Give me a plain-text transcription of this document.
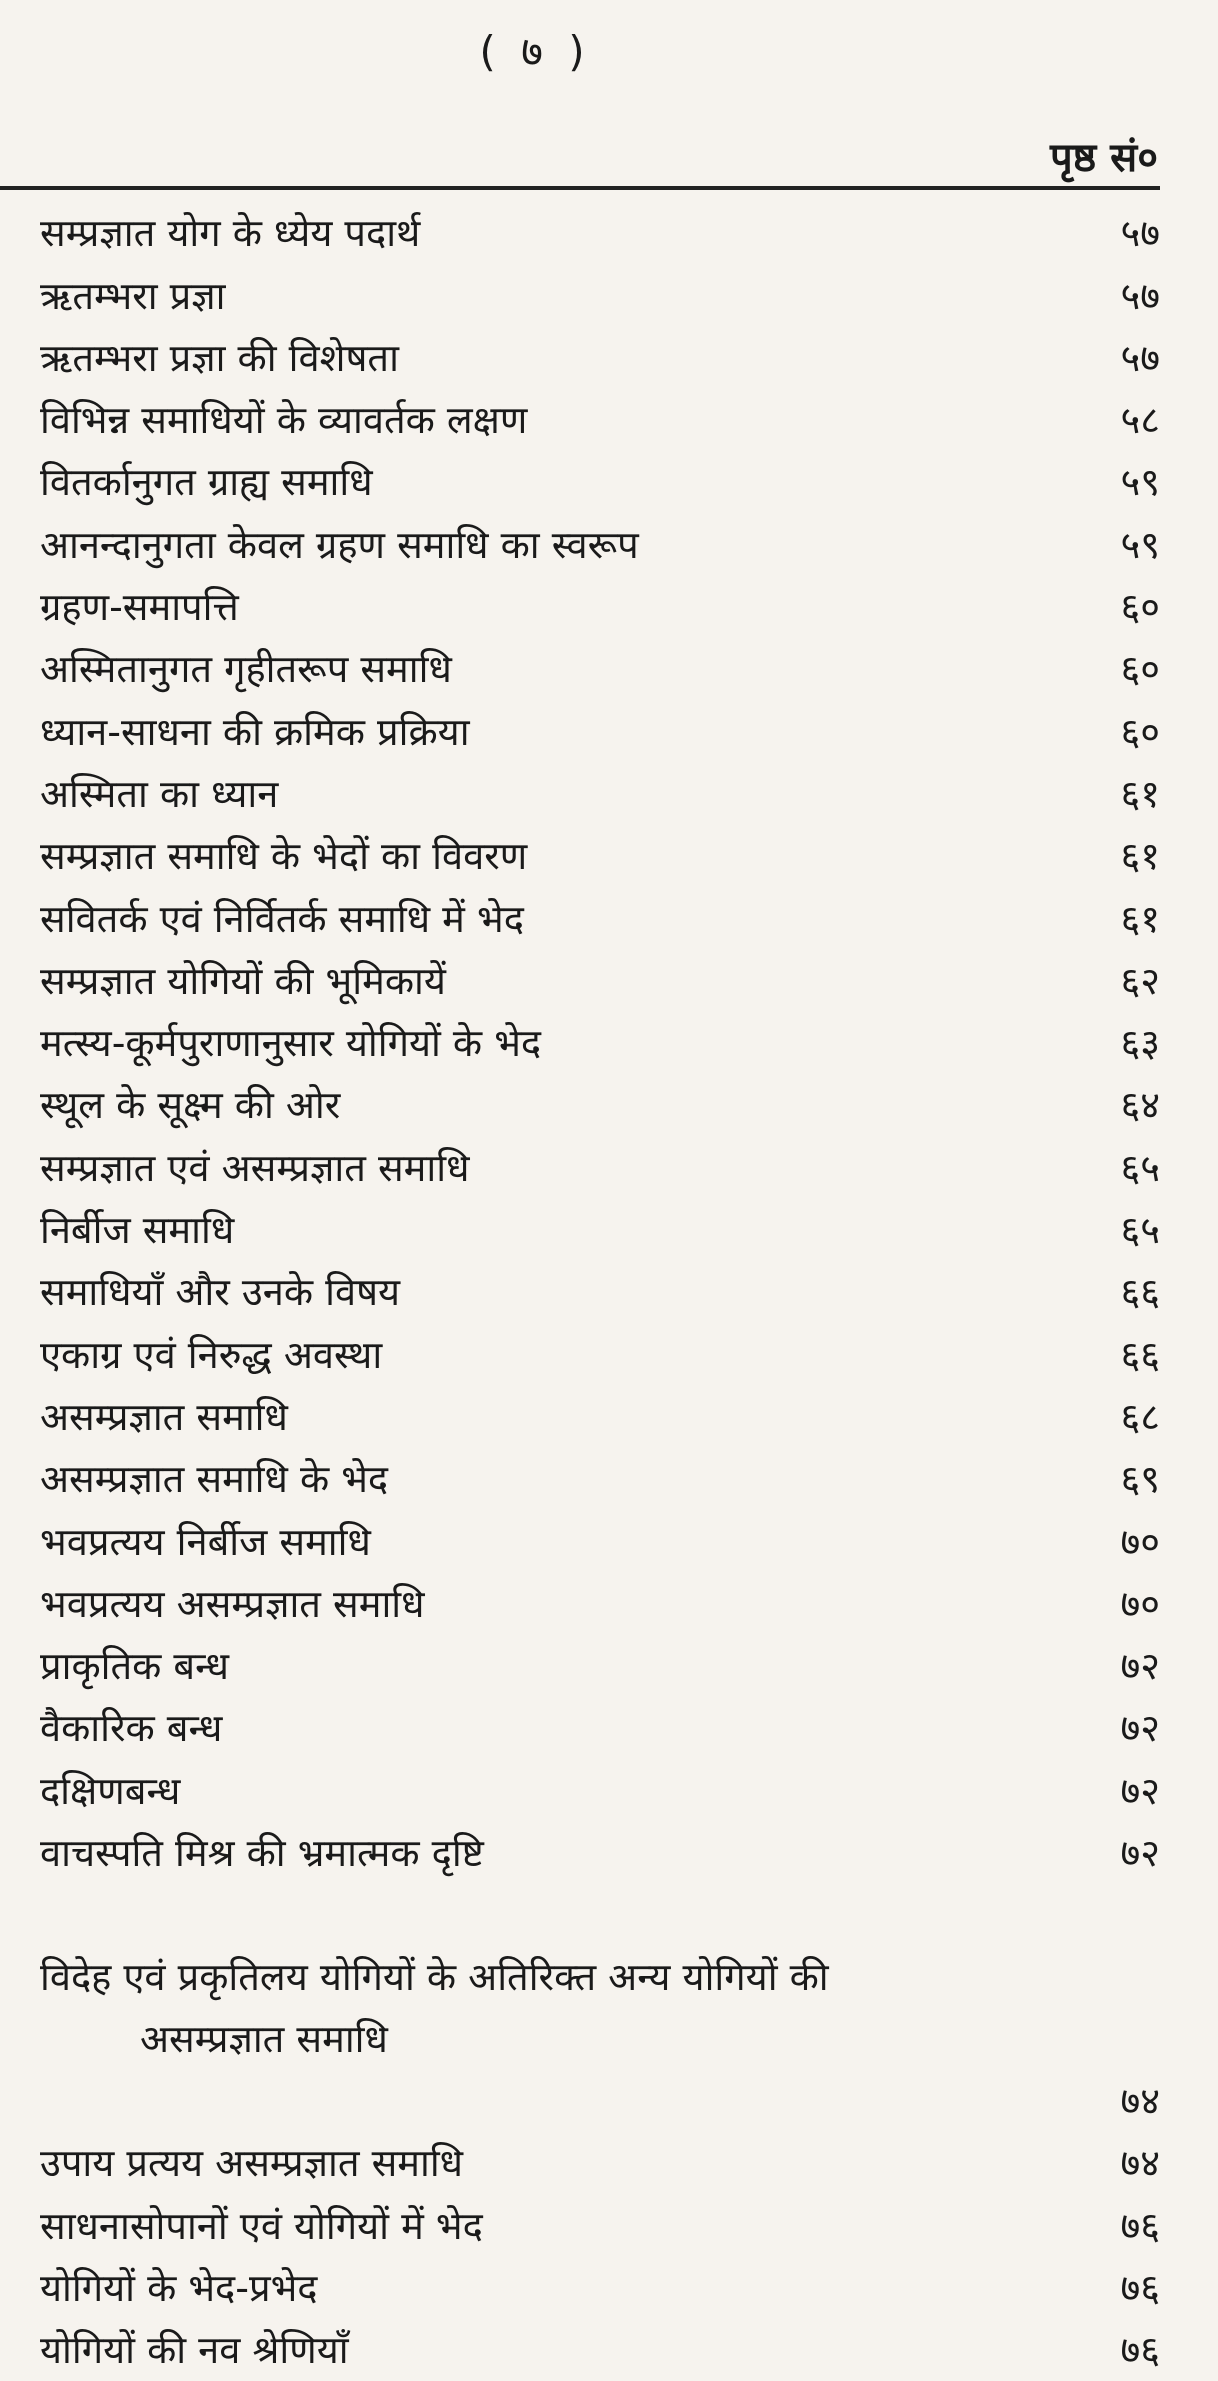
( ७ )
पृष्ठ सं०
सम्प्रज्ञात योग के ध्येय पदार्थ	५७
ऋतम्भरा प्रज्ञा	५७
ऋतम्भरा प्रज्ञा की विशेषता	५७
विभिन्न समाधियों के व्यावर्तक लक्षण	५८
वितर्कानुगत ग्राह्य समाधि	५९
आनन्दानुगता केवल ग्रहण समाधि का स्वरूप	५९
ग्रहण-समापत्ति	६०
अस्मितानुगत गृहीतरूप समाधि	६०
ध्यान-साधना की क्रमिक प्रक्रिया	६०
अस्मिता का ध्यान	६१
सम्प्रज्ञात समाधि के भेदों का विवरण	६१
सवितर्क एवं निर्वितर्क समाधि में भेद	६१
सम्प्रज्ञात योगियों की भूमिकायें	६२
मत्स्य-कूर्मपुराणानुसार योगियों के भेद	६३
स्थूल के सूक्ष्म की ओर	६४
सम्प्रज्ञात एवं असम्प्रज्ञात समाधि	६५
निर्बीज समाधि	६५
समाधियाँ और उनके विषय	६६
एकाग्र एवं निरुद्ध अवस्था	६६
असम्प्रज्ञात समाधि	६८
असम्प्रज्ञात समाधि के भेद	६९
भवप्रत्यय निर्बीज समाधि	७०
भवप्रत्यय असम्प्रज्ञात समाधि	७०
प्राकृतिक बन्ध	७२
वैकारिक बन्ध	७२
दक्षिणबन्ध	७२
वाचस्पति मिश्र की भ्रमात्मक दृष्टि	७२

विदेह एवं प्रकृतिलय योगियों के अतिरिक्त अन्य योगियों की

असम्प्रज्ञात समाधि

७४
उपाय प्रत्यय असम्प्रज्ञात समाधि	७४
साधनासोपानों एवं योगियों में भेद	७६
योगियों के भेद-प्रभेद	७६
योगियों की नव श्रेणियाँ	७६
